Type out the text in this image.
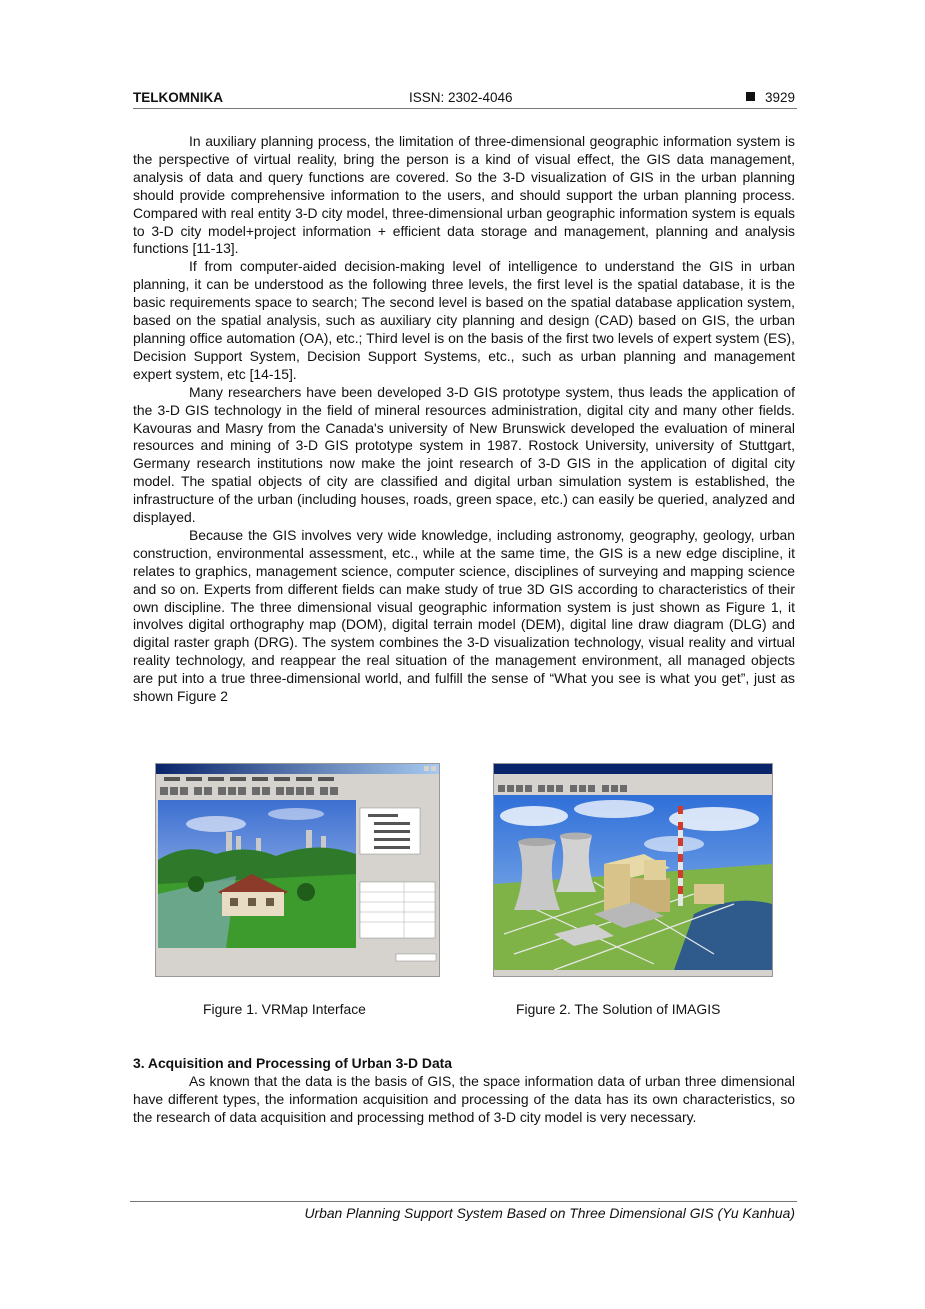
TELKOMNIKA	ISSN: 2302-4046	3929

In auxiliary planning process, the limitation of three-dimensional geographic information system is the perspective of virtual reality, bring the person is a kind of visual effect, the GIS data management, analysis of data and query functions are covered. So the 3-D visualization of GIS in the urban planning should provide comprehensive information to the users, and should support the urban planning process. Compared with real entity 3-D city model, three-dimensional urban geographic information system is equals to 3-D city model+project information + efficient data storage and management, planning and analysis functions [11-13].

If from computer-aided decision-making level of intelligence to understand the GIS in urban planning, it can be understood as the following three levels, the first level is the spatial database, it is the basic requirements space to search; The second level is based on the spatial database application system, based on the spatial analysis, such as auxiliary city planning and design (CAD) based on GIS, the urban planning office automation (OA), etc.; Third level is on the basis of the first two levels of expert system (ES), Decision Support System, Decision Support Systems, etc., such as urban planning and management expert system, etc [14-15].

Many researchers have been developed 3-D GIS prototype system, thus leads the application of the 3-D GIS technology in the field of mineral resources administration, digital city and many other fields. Kavouras and Masry from the Canada's university of New Brunswick developed the evaluation of mineral resources and mining of 3-D GIS prototype system in 1987. Rostock University, university of Stuttgart, Germany research institutions now make the joint research of 3-D GIS in the application of digital city model. The spatial objects of city are classified and digital urban simulation system is established, the infrastructure of the urban (including houses, roads, green space, etc.) can easily be queried, analyzed and displayed.

Because the GIS involves very wide knowledge, including astronomy, geography, geology, urban construction, environmental assessment, etc., while at the same time, the GIS is a new edge discipline, it relates to graphics, management science, computer science, disciplines of surveying and mapping science and so on. Experts from different fields can make study of true 3D GIS according to characteristics of their own discipline. The three dimensional visual geographic information system is just shown as Figure 1, it involves digital orthography map (DOM), digital terrain model (DEM), digital line draw diagram (DLG) and digital raster graph (DRG). The system combines the 3-D visualization technology, visual reality and virtual reality technology, and reappear the real situation of the management environment, all managed objects are put into a true three-dimensional world, and fulfill the sense of “What you see is what you get”, just as shown Figure 2

Figure 1. VRMap Interface	Figure 2. The Solution of IMAGIS
3. Acquisition and Processing of Urban 3-D Data

As known that the data is the basis of GIS, the space information data of urban three dimensional have different types, the information acquisition and processing of the data has its own characteristics, so the research of data acquisition and processing method of 3-D city model is very necessary.

Urban Planning Support System Based on Three Dimensional GIS (Yu Kanhua)
